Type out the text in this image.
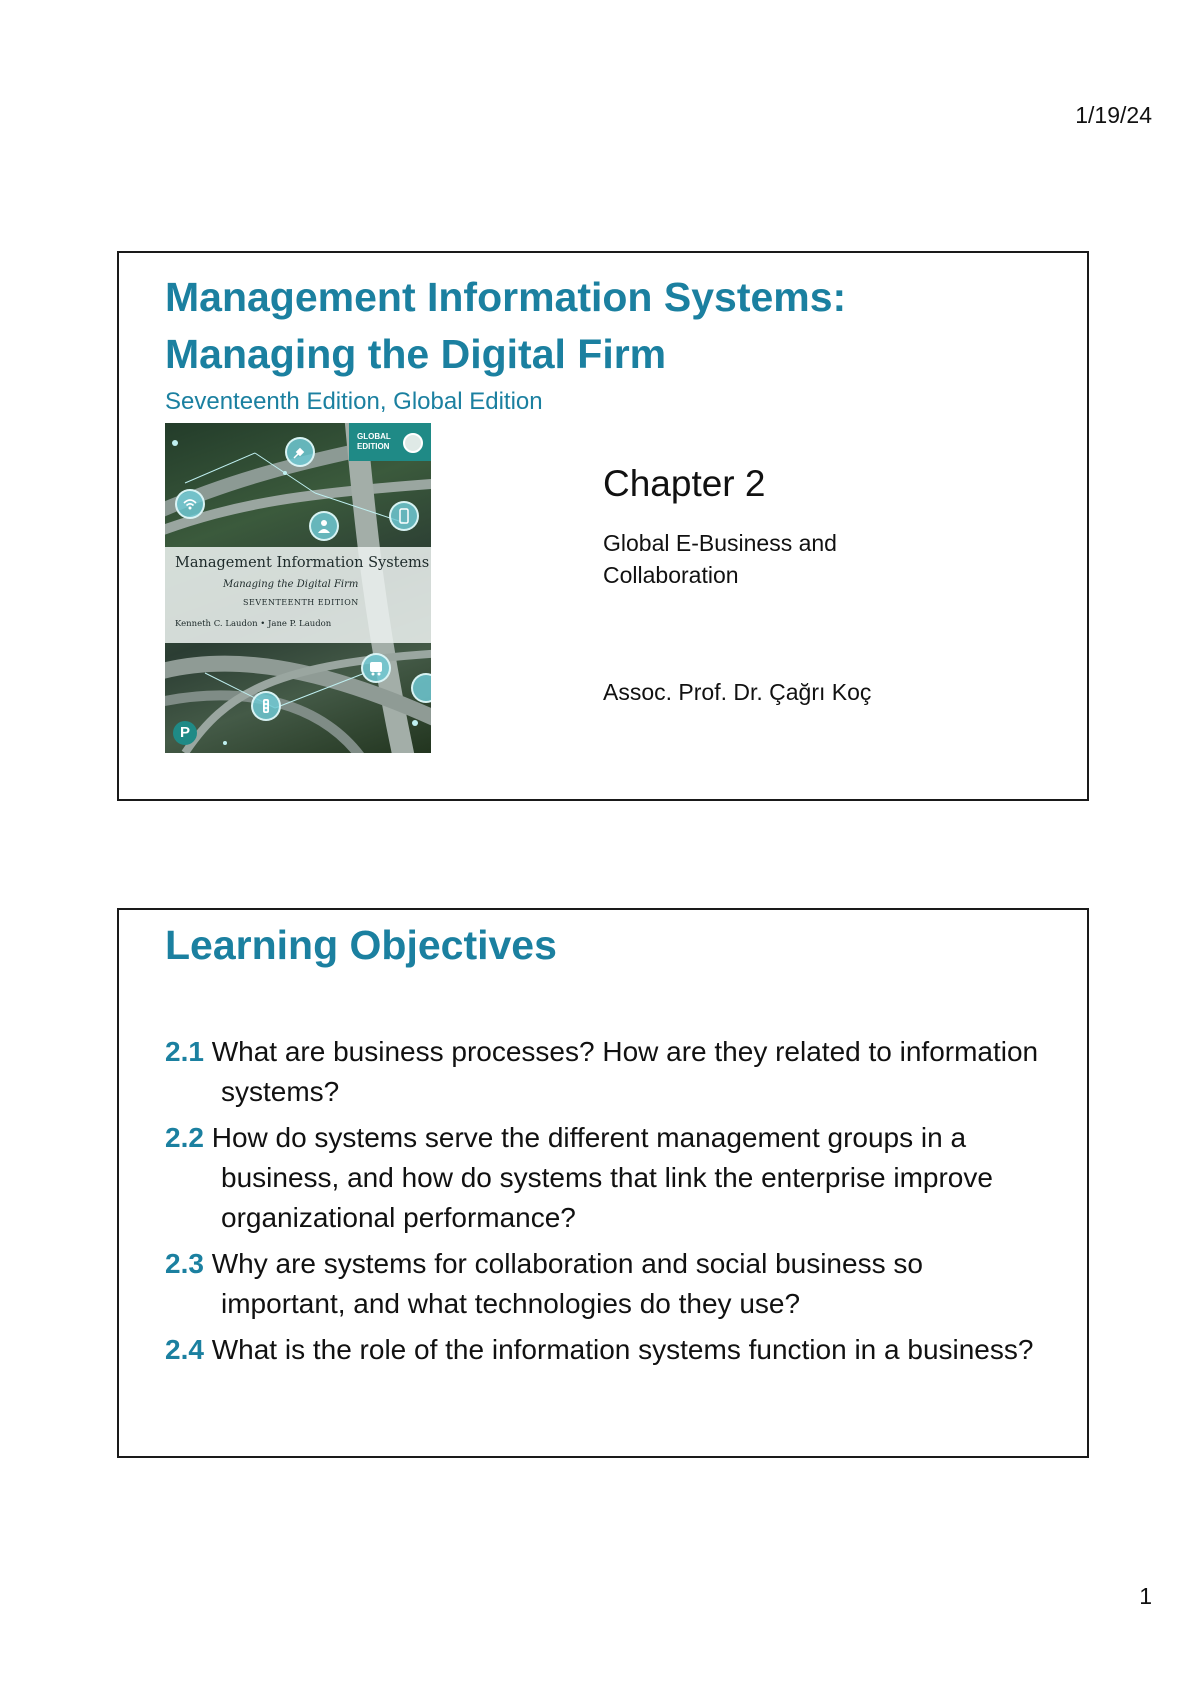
1/19/24
Management Information Systems:
Managing the Digital Firm
Seventeenth Edition, Global Edition
GLOBAL
EDITION
Management Information Systems
Managing the Digital Firm
SEVENTEENTH EDITION
Kenneth C. Laudon • Jane P. Laudon
P
Chapter 2
Global E-Business and Collaboration
Assoc. Prof. Dr. Çağrı Koç
Learning Objectives
2.1 What are business processes? How are they related to information systems?
2.2 How do systems serve the different management groups in a business, and how do systems that link the enterprise improve organizational performance?
2.3 Why are systems for collaboration and social business so important, and what technologies do they use?
2.4 What is the role of the information systems function in a business?
1
